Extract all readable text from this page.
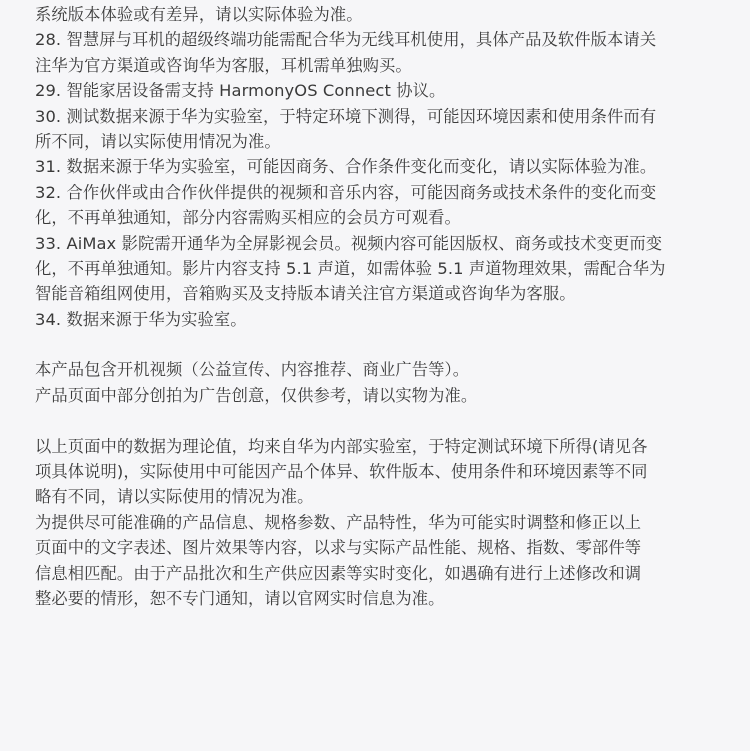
系统版本体验或有差异，请以实际体验为准。
28. 智慧屏与耳机的超级终端功能需配合华为无线耳机使用，具体产品及软件版本请关
注华为官方渠道或咨询华为客服，耳机需单独购买。
29. 智能家居设备需支持 HarmonyOS Connect 协议。
30. 测试数据来源于华为实验室，于特定环境下测得，可能因环境因素和使用条件而有
所不同，请以实际使用情况为准。
31. 数据来源于华为实验室，可能因商务、合作条件变化而变化，请以实际体验为准。
32. 合作伙伴或由合作伙伴提供的视频和音乐内容，可能因商务或技术条件的变化而变
化，不再单独通知，部分内容需购买相应的会员方可观看。
33. AiMax 影院需开通华为全屏影视会员。视频内容可能因版权、商务或技术变更而变
化，不再单独通知。影片内容支持 5.1 声道，如需体验 5.1 声道物理效果，需配合华为
智能音箱组网使用，音箱购买及支持版本请关注官方渠道或咨询华为客服。
34. 数据来源于华为实验室。
本产品包含开机视频（公益宣传、内容推荐、商业广告等）。
产品页面中部分创拍为广告创意，仅供参考，请以实物为准。
以上页面中的数据为理论值，均来自华为内部实验室，于特定测试环境下所得(请见各
项具体说明)，实际使用中可能因产品个体异、软件版本、使用条件和环境因素等不同
略有不同，请以实际使用的情况为准。
为提供尽可能准确的产品信息、规格参数、产品特性，华为可能实时调整和修正以上
页面中的文字表述、图片效果等内容，以求与实际产品性能、规格、指数、零部件等
信息相匹配。由于产品批次和生产供应因素等实时变化，如遇确有进行上述修改和调
整必要的情形，恕不专门通知，请以官网实时信息为准。
